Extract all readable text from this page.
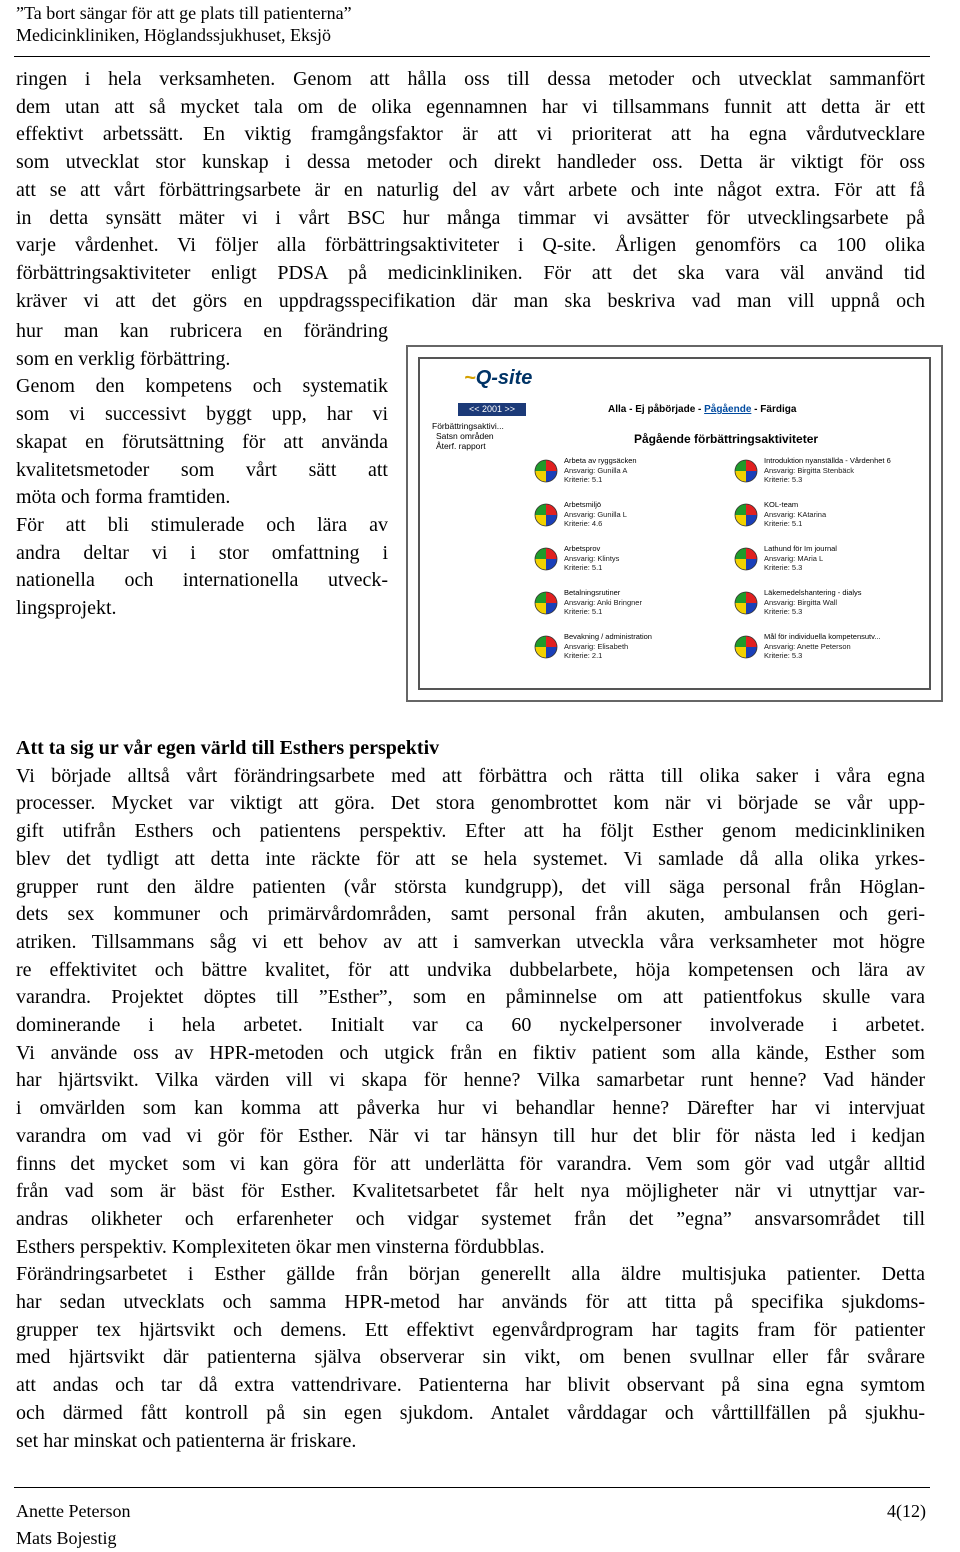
”Ta bort sängar för att ge plats till patienterna”
Medicinkliniken, Höglandssjukhuset, Eksjö

ringen i hela verksamheten. Genom att hålla oss till dessa metoder och utvecklat sammanfört

dem utan att så mycket tala om de olika egennamnen har vi tillsammans funnit att detta är ett

effektivt arbetssätt. En viktig framgångsfaktor är att vi prioriterat att ha egna vårdutvecklare

som utvecklat stor kunskap i dessa metoder och direkt handleder oss. Detta är viktigt för oss

att se att vårt förbättringsarbete är en naturlig del av vårt arbete och inte något extra. För att få

in detta synsätt mäter vi i vårt BSC hur många timmar vi avsätter för utvecklingsarbete på

varje vårdenhet. Vi följer alla förbättringsaktiviteter i Q-site. Årligen genomförs ca 100 olika

förbättringsaktiviteter enligt PDSA på medicinkliniken. För att det ska vara väl använd tid

kräver vi att det görs en uppdragsspecifikation där man ska beskriva vad man vill uppnå och

hur man kan rubricera en förändring

som en verklig förbättring.

Genom den kompetens och systematik

som vi successivt byggt upp, har vi

skapat en förutsättning för att använda

kvalitetsmetoder som vårt sätt att

möta och forma framtiden.

För att bli stimulerade och lära av

andra deltar vi i stor omfattning i

nationella och internationella utveck-

lingsprojekt.

~Q-site
<< 2001 >>
Förbättringsaktivi...
Satsn områden
Återf. rapport
Alla - Ej påbörjade - Pågående - Färdiga
Pågående förbättringsaktiviteter
Arbeta av ryggsäcken
Ansvarig: Gunilla A
Kriterie: 5.1
Introduktion nyanställda - Vårdenhet 6
Ansvarig: Birgitta Stenbäck
Kriterie: 5.3
Arbetsmiljö
Ansvarig: Gunilla L
Kriterie: 4.6
KOL-team
Ansvarig: KAtarina
Kriterie: 5.1
Arbetsprov
Ansvarig: Klintys
Kriterie: 5.1
Lathund för Im journal
Ansvarig: MAria L
Kriterie: 5.3
Betalningsrutiner
Ansvarig: Anki Bringner
Kriterie: 5.1
Läkemedelshantering - dialys
Ansvarig: Birgitta Wall
Kriterie: 5.3
Bevakning / administration
Ansvarig: Elisabeth
Kriterie: 2.1
Mål för individuella kompetensutv...
Ansvarig: Anette Peterson
Kriterie: 5.3

Att ta sig ur vår egen värld till Esthers perspektiv

Vi började alltså vårt förändringsarbete med att förbättra och rätta till olika saker i våra egna

processer. Mycket var viktigt att göra. Det stora genombrottet kom när vi började se vår upp-

gift utifrån Esthers och patientens perspektiv. Efter att ha följt Esther genom medicinkliniken

blev det tydligt att detta inte räckte för att se hela systemet. Vi samlade då alla olika yrkes-

grupper runt den äldre patienten (vår största kundgrupp), det vill säga personal från Höglan-

dets sex kommuner och primärvårdområden, samt personal från akuten, ambulansen och geri-

atriken. Tillsammans såg vi ett behov av att i samverkan utveckla våra verksamheter mot högre

re effektivitet och bättre kvalitet, för att undvika dubbelarbete, höja kompetensen och lära av

varandra. Projektet döptes till ”Esther”, som en påminnelse om att patientfokus skulle vara

dominerande i hela arbetet. Initialt var ca 60 nyckelpersoner involverade i arbetet.

Vi använde oss av HPR-metoden och utgick från en fiktiv patient som alla kände, Esther som

har hjärtsvikt. Vilka värden vill vi skapa för henne? Vilka samarbetar runt henne? Vad händer

i omvärlden som kan komma att påverka hur vi behandlar henne? Därefter har vi intervjuat

varandra om vad vi gör för Esther. När vi tar hänsyn till hur det blir för nästa led i kedjan

finns det mycket som vi kan göra för att underlätta för varandra. Vem som gör vad utgår alltid

från vad som är bäst för Esther. Kvalitetsarbetet får helt nya möjligheter när vi utnyttjar var-

andras olikheter och erfarenheter och vidgar systemet från det ”egna” ansvarsområdet till

Esthers perspektiv. Komplexiteten ökar men vinsterna fördubblas.

Förändringsarbetet i Esther gällde från början generellt alla äldre multisjuka patienter. Detta

har sedan utvecklats och samma HPR-metod har används för att titta på specifika sjukdoms-

grupper tex hjärtsvikt och demens. Ett effektivt egenvårdprogram har tagits fram för patienter

med hjärtsvikt där patienterna själva observerar sin vikt, om benen svullnar eller får svårare

att andas och tar då extra vattendrivare. Patienterna har blivit observant på sina egna symtom

och därmed fått kontroll på sin egen sjukdom. Antalet vårddagar och vårttillfällen på sjukhu-

set har minskat och patienterna är friskare.

Anette Peterson
Mats Bojestig
4(12)
